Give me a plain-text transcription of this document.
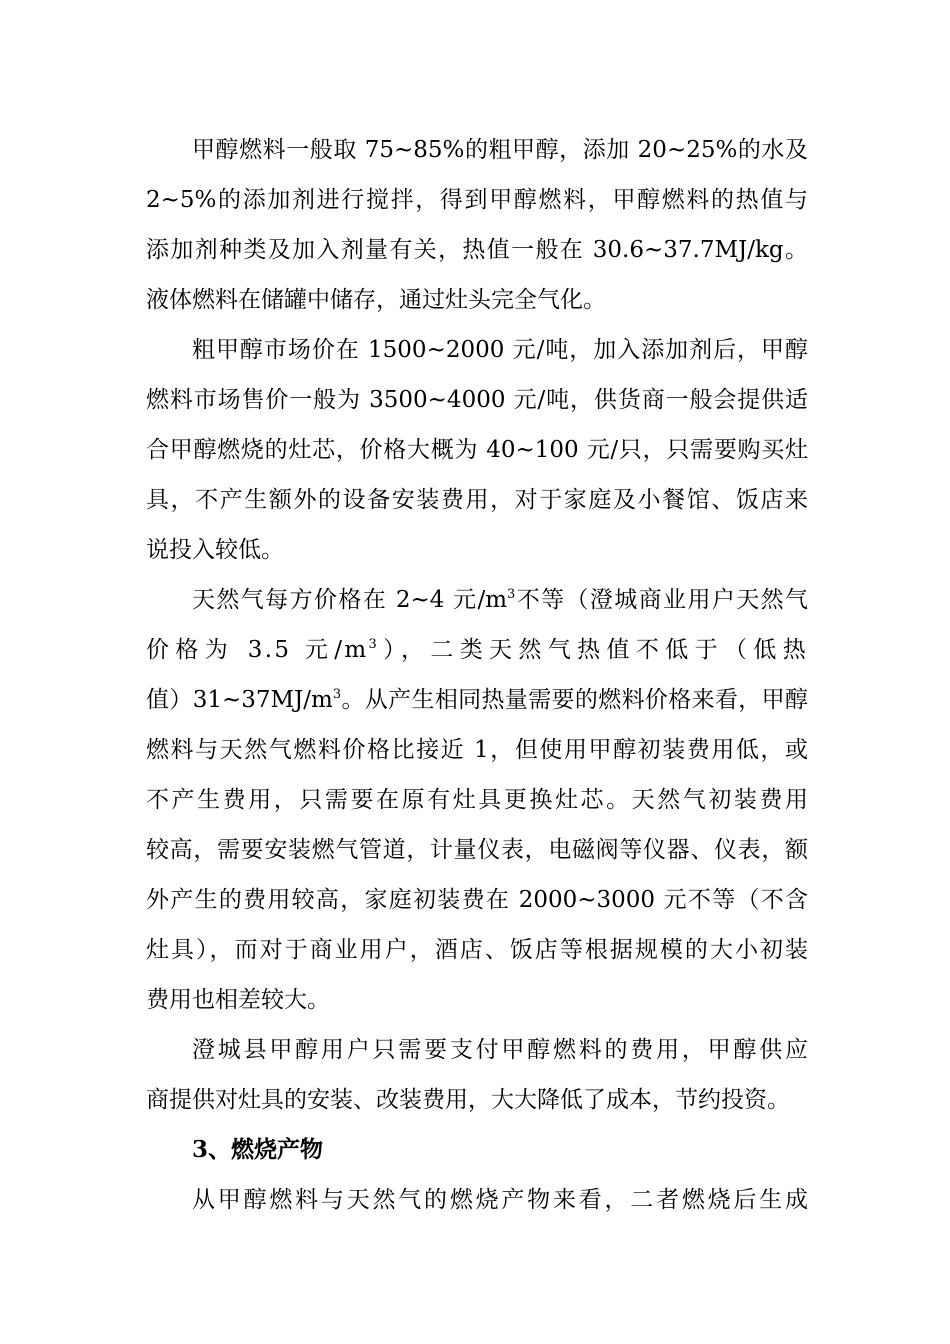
甲醇燃料一般取 75~85%的粗甲醇，添加 20~25%的水及
2~5%的添加剂进行搅拌，得到甲醇燃料，甲醇燃料的热值与
添加剂种类及加入剂量有关，热值一般在 30.6~37.7MJ/kg。
液体燃料在储罐中储存，通过灶头完全气化。
粗甲醇市场价在 1500~2000 元/吨，加入添加剂后，甲醇
燃料市场售价一般为 3500~4000 元/吨，供货商一般会提供适
合甲醇燃烧的灶芯，价格大概为 40~100 元/只，只需要购买灶
具，不产生额外的设备安装费用，对于家庭及小餐馆、饭店来
说投入较低。
天然气每方价格在 2~4 元$/m^3$不等（澄城商业用户天然气
价格为 3.5 元$/m^3$），二类天然气热值不低于（低热
值）$31\sim 37MJ/m^3$。从产生相同热量需要的燃料价格来看，甲醇
燃料与天然气燃料价格比接近 1，但使用甲醇初装费用低，或
不产生费用，只需要在原有灶具更换灶芯。天然气初装费用
较高，需要安装燃气管道，计量仪表，电磁阀等仪器、仪表，额
外产生的费用较高，家庭初装费在 2000~3000 元不等（不含
灶具），而对于商业用户，酒店、饭店等根据规模的大小初装
费用也相差较大。
澄城县甲醇用户只需要支付甲醇燃料的费用，甲醇供应
商提供对灶具的安装、改装费用，大大降低了成本，节约投资。
3、燃烧产物
从甲醇燃料与天然气的燃烧产物来看，二者燃烧后生成
